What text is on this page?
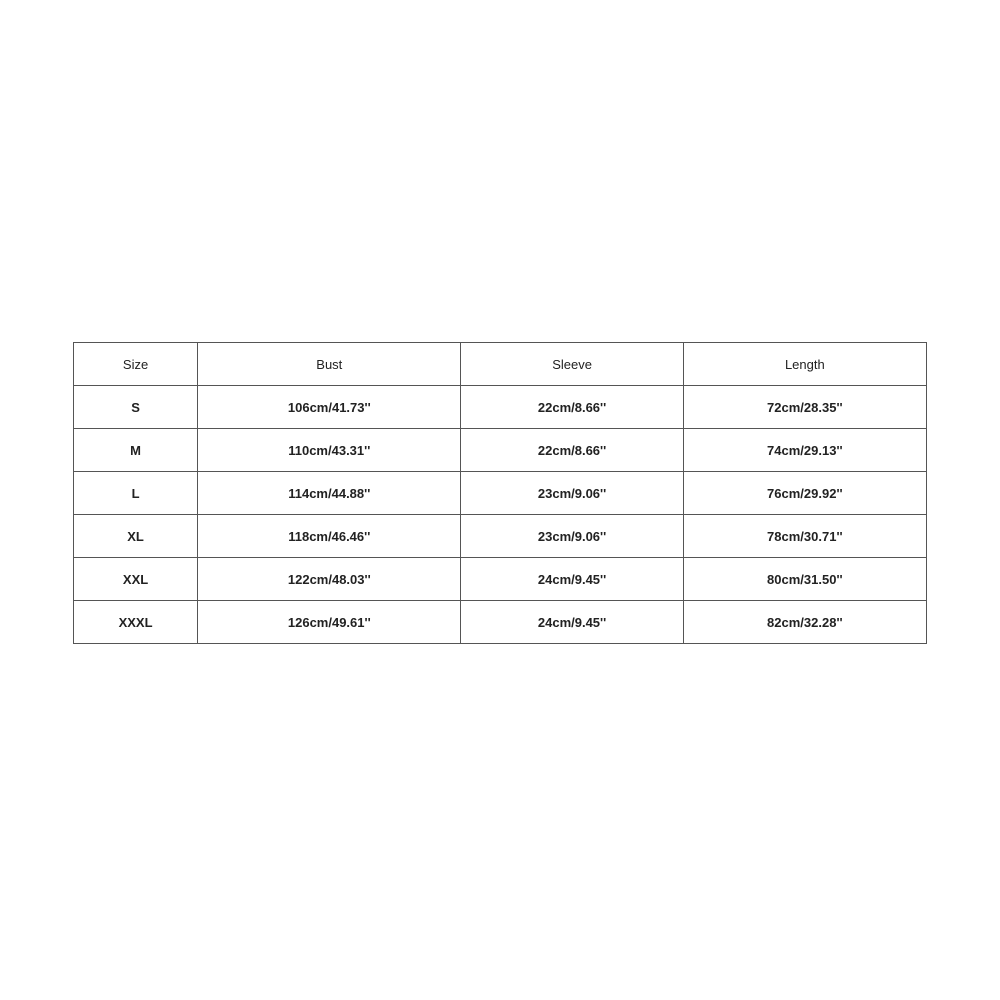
Size	Bust	Sleeve	Length
S	106cm/41.73''	22cm/8.66''	72cm/28.35''
M	110cm/43.31''	22cm/8.66''	74cm/29.13''
L	114cm/44.88''	23cm/9.06''	76cm/29.92''
XL	118cm/46.46''	23cm/9.06''	78cm/30.71''
XXL	122cm/48.03''	24cm/9.45''	80cm/31.50''
XXXL	126cm/49.61''	24cm/9.45''	82cm/32.28''
